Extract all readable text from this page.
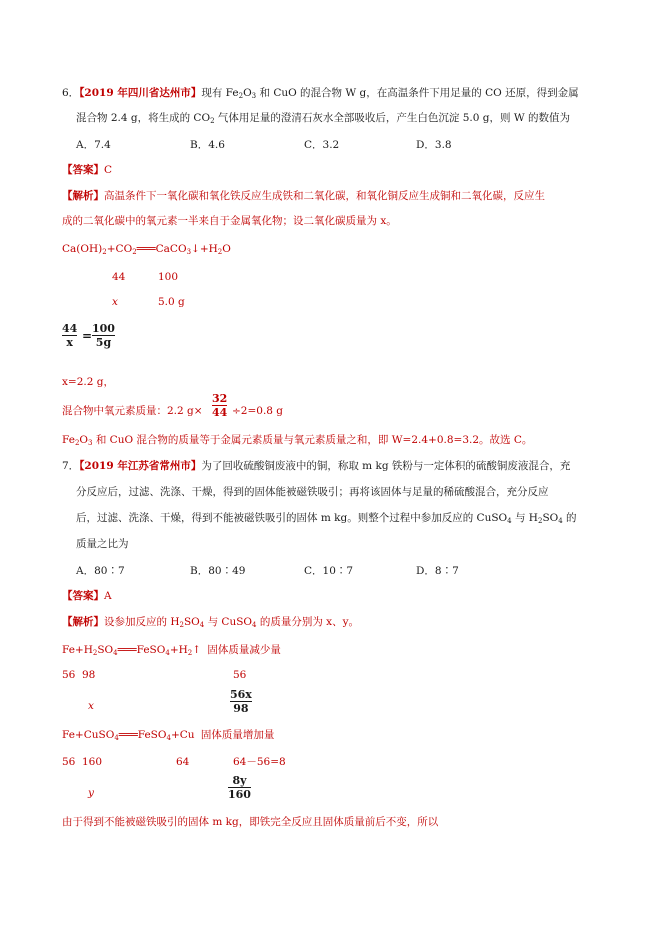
6．【2019 年四川省达州市】现有 $Fe_2O_3$ 和 CuO 的混合物 W g，在高温条件下用足量的 CO 还原，得到金属
混合物 2.4 g，将生成的 $CO_2$ 气体用足量的澄清石灰水全部吸收后，产生白色沉淀 5.0 g，则 W 的数值为
A．7.4	B．4.6	C．3.2	D．3.8
【答案】C
【解析】高温条件下一氧化碳和氧化铁反应生成铁和二氧化碳，和氧化铜反应生成铜和二氧化碳，反应生
成的二氧化碳中的氧元素一半来自于金属氧化物；设二氧化碳质量为 x。
$Ca(OH)_2+CO_2═══CaCO_3↓+H_2O$
44	100
x	5.0 g
44
x =
100
5g
x=2.2 g，
混合物中氧元素质量：2.2 g×
32
44 ÷2=0.8 g
$Fe_2O_3$ 和 CuO 混合物的质量等于金属元素质量与氧元素质量之和，即 W=2.4+0.8=3.2。故选 C。
7．【2019 年江苏省常州市】为了回收硫酸铜废液中的铜，称取 m kg 铁粉与一定体积的硫酸铜废液混合，充
分反应后，过滤、洗涤、干燥，得到的固体能被磁铁吸引；再将该固体与足量的稀硫酸混合，充分反应
后，过滤、洗涤、干燥，得到不能被磁铁吸引的固体 m kg。则整个过程中参加反应的 CuSO$_4$ 与 $H_2SO_4$ 的
质量之比为
A．80∶7	B．80∶49	C．10∶7	D．8∶7
【答案】A
【解析】设参加反应的 $H_2SO_4$ 与 CuSO$_4$ 的质量分别为 x、y。
$Fe+H_2SO_4═══FeSO_4+H_2↑$ 固体质量减少量
56 98	56
x
56x
98
Fe+CuSO$_4$═══FeSO$_4$+Cu 固体质量增加量
56 160	64	64－56=8
y
8y
160
由于得到不能被磁铁吸引的固体 m kg，即铁完全反应且固体质量前后不变，所以
